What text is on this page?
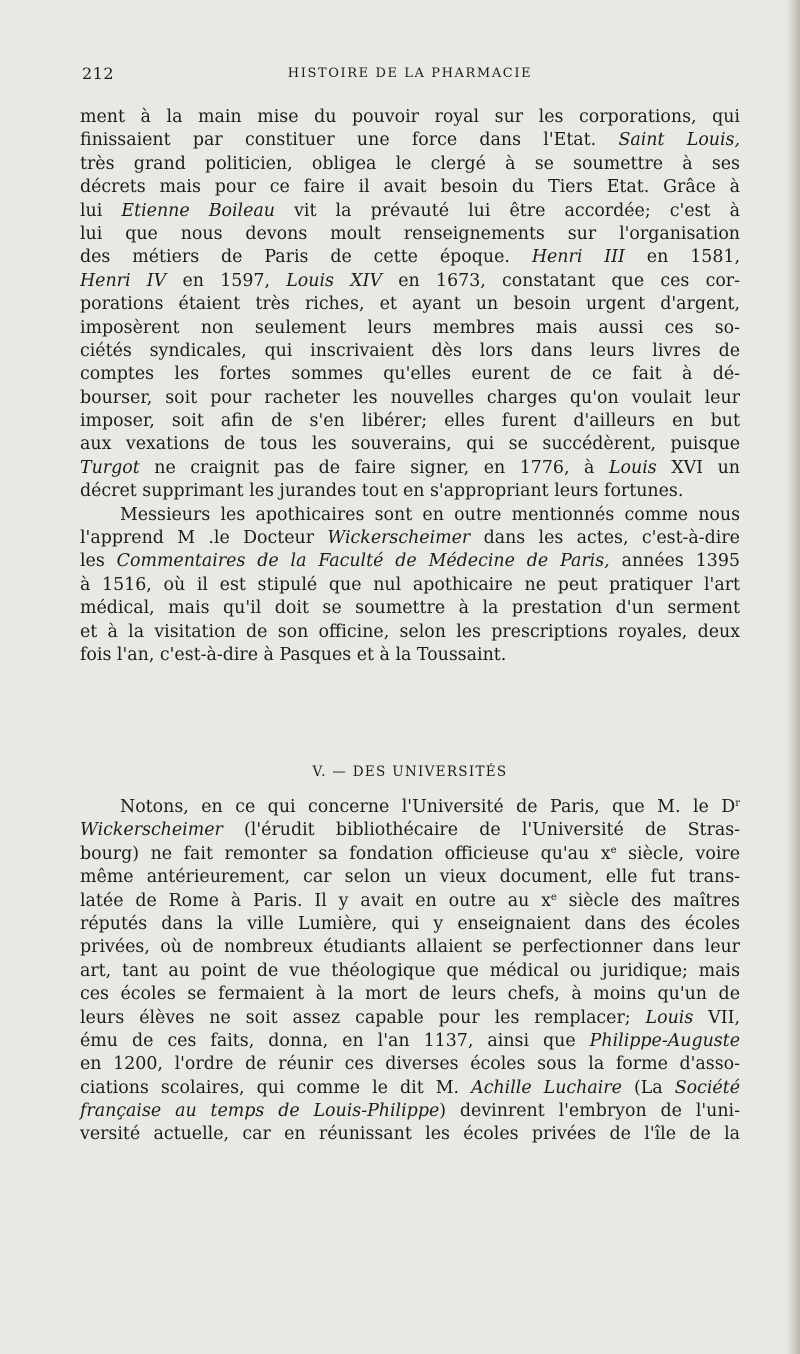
212	HISTOIRE DE LA PHARMACIE
ment à la main mise du pouvoir royal sur les corporations, qui
finissaient par constituer une force dans l'Etat. Saint Louis,
très grand politicien, obligea le clergé à se soumettre à ses
décrets mais pour ce faire il avait besoin du Tiers Etat. Grâce à
lui Etienne Boileau vit la prévauté lui être accordée; c'est à
lui que nous devons moult renseignements sur l'organisation
des métiers de Paris de cette époque. Henri III en 1581,
Henri IV en 1597, Louis XIV en 1673, constatant que ces cor-
porations étaient très riches, et ayant un besoin urgent d'argent,
imposèrent non seulement leurs membres mais aussi ces so-
ciétés syndicales, qui inscrivaient dès lors dans leurs livres de
comptes les fortes sommes qu'elles eurent de ce fait à dé-
bourser, soit pour racheter les nouvelles charges qu'on voulait leur
imposer, soit afin de s'en libérer; elles furent d'ailleurs en but
aux vexations de tous les souverains, qui se succédèrent, puisque
Turgot ne craignit pas de faire signer, en 1776, à Louis XVI un
décret supprimant les jurandes tout en s'appropriant leurs fortunes.
Messieurs les apothicaires sont en outre mentionnés comme nous
l'apprend M .le Docteur Wickerscheimer dans les actes, c'est-à-dire
les Commentaires de la Faculté de Médecine de Paris, années 1395
à 1516, où il est stipulé que nul apothicaire ne peut pratiquer l'art
médical, mais qu'il doit se soumettre à la prestation d'un serment
et à la visitation de son officine, selon les prescriptions royales, deux
fois l'an, c'est-à-dire à Pasques et à la Toussaint.
V. — DES UNIVERSITÉS
Notons, en ce qui concerne l'Université de Paris, que M. le $D^r$
Wickerscheimer (l'érudit bibliothécaire de l'Université de Stras-
bourg) ne fait remonter sa fondation officieuse qu'au $x^e$ siècle, voire
même antérieurement, car selon un vieux document, elle fut trans-
latée de Rome à Paris. Il y avait en outre au $x^e$ siècle des maîtres
réputés dans la ville Lumière, qui y enseignaient dans des écoles
privées, où de nombreux étudiants allaient se perfectionner dans leur
art, tant au point de vue théologique que médical ou juridique; mais
ces écoles se fermaient à la mort de leurs chefs, à moins qu'un de
leurs élèves ne soit assez capable pour les remplacer; Louis VII,
ému de ces faits, donna, en l'an 1137, ainsi que Philippe-Auguste
en 1200, l'ordre de réunir ces diverses écoles sous la forme d'asso-
ciations scolaires, qui comme le dit M. Achille Luchaire (La Société
française au temps de Louis-Philippe) devinrent l'embryon de l'uni-
versité actuelle, car en réunissant les écoles privées de l'île de la
